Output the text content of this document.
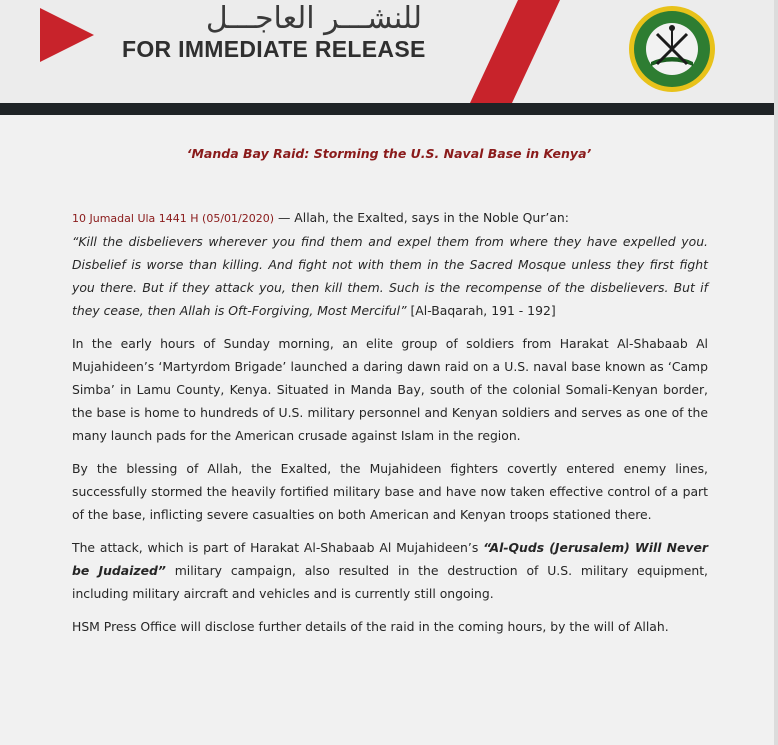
للنشـــر العاجـــل
FOR IMMEDIATE RELEASE
‘Manda Bay Raid: Storming the U.S. Naval Base in Kenya’

10 Jumadal Ula 1441 H (05/01/2020) — Allah, the Exalted, says in the Noble Qur’an:

“Kill the disbelievers wherever you find them and expel them from where they have expelled you. Disbelief is worse than killing. And fight not with them in the Sacred Mosque unless they first fight you there. But if they attack you, then kill them. Such is the recompense of the disbelievers. But if they cease, then Allah is Oft-Forgiving, Most Merciful” [Al-Baqarah, 191 - 192]

In the early hours of Sunday morning, an elite group of soldiers from Harakat Al-Shabaab Al Mujahideen’s ‘Martyrdom Brigade’ launched a daring dawn raid on a U.S. naval base known as ‘Camp Simba’ in Lamu County, Kenya. Situated in Manda Bay, south of the colonial Somali-Kenyan border, the base is home to hundreds of U.S. military personnel and Kenyan soldiers and serves as one of the many launch pads for the American crusade against Islam in the region.

By the blessing of Allah, the Exalted, the Mujahideen fighters covertly entered enemy lines, successfully stormed the heavily fortified military base and have now taken effective control of a part of the base, inflicting severe casualties on both American and Kenyan troops stationed there.

The attack, which is part of Harakat Al-Shabaab Al Mujahideen’s “Al-Quds (Jerusalem) Will Never be Judaized” military campaign, also resulted in the destruction of U.S. military equipment, including military aircraft and vehicles and is currently still ongoing.

HSM Press Office will disclose further details of the raid in the coming hours, by the will of Allah.
